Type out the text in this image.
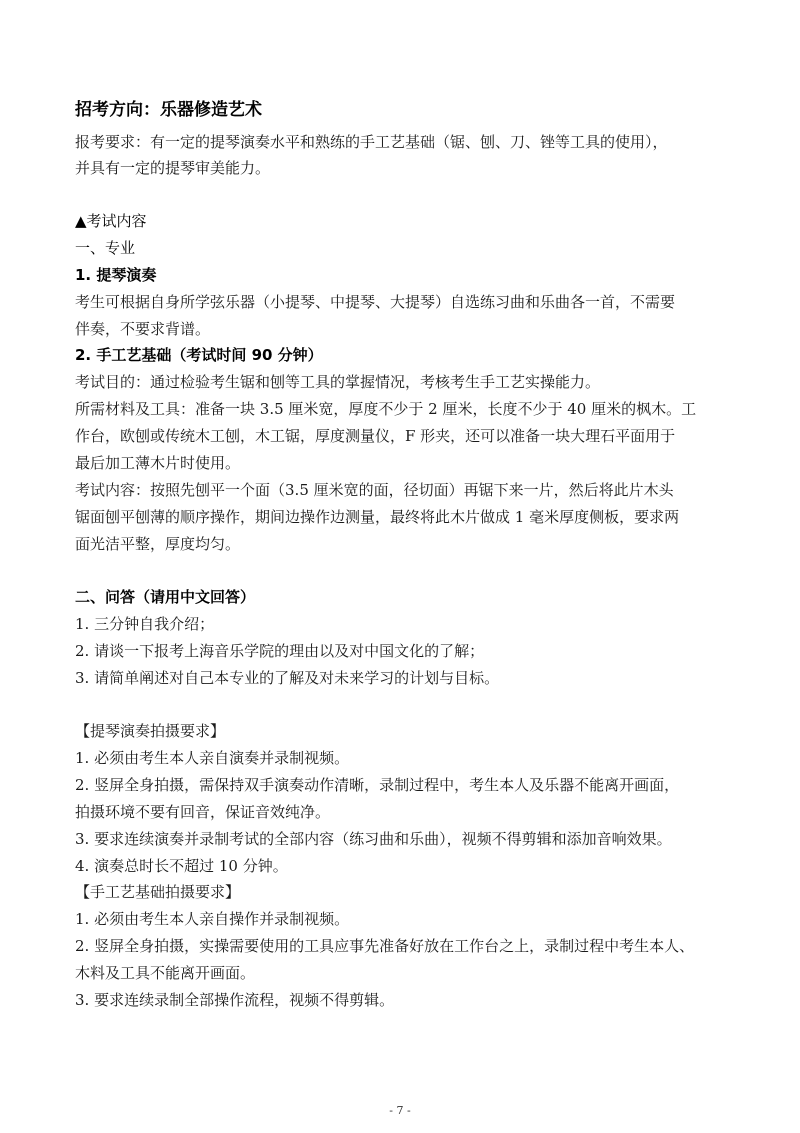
招考方向：乐器修造艺术
报考要求：有一定的提琴演奏水平和熟练的手工艺基础（锯、刨、刀、锉等工具的使用），
并具有一定的提琴审美能力。
▲考试内容
一、专业
1. 提琴演奏
考生可根据自身所学弦乐器（小提琴、中提琴、大提琴）自选练习曲和乐曲各一首，不需要
伴奏，不要求背谱。
2. 手工艺基础（考试时间 90 分钟）
考试目的：通过检验考生锯和刨等工具的掌握情况，考核考生手工艺实操能力。
所需材料及工具：准备一块 3.5 厘米宽，厚度不少于 2 厘米，长度不少于 40 厘米的枫木。工
作台，欧刨或传统木工刨，木工锯，厚度测量仪，F 形夹，还可以准备一块大理石平面用于
最后加工薄木片时使用。
考试内容：按照先刨平一个面（3.5 厘米宽的面，径切面）再锯下来一片，然后将此片木头
锯面刨平刨薄的顺序操作，期间边操作边测量，最终将此木片做成 1 毫米厚度侧板，要求两
面光洁平整，厚度均匀。
二、问答（请用中文回答）
1. 三分钟自我介绍；
2. 请谈一下报考上海音乐学院的理由以及对中国文化的了解；
3. 请简单阐述对自己本专业的了解及对未来学习的计划与目标。
【提琴演奏拍摄要求】
1. 必须由考生本人亲自演奏并录制视频。
2. 竖屏全身拍摄，需保持双手演奏动作清晰，录制过程中，考生本人及乐器不能离开画面，
拍摄环境不要有回音，保证音效纯净。
3. 要求连续演奏并录制考试的全部内容（练习曲和乐曲），视频不得剪辑和添加音响效果。
4. 演奏总时长不超过 10 分钟。
【手工艺基础拍摄要求】
1. 必须由考生本人亲自操作并录制视频。
2. 竖屏全身拍摄，实操需要使用的工具应事先准备好放在工作台之上，录制过程中考生本人、
木料及工具不能离开画面。
3. 要求连续录制全部操作流程，视频不得剪辑。
- 7 -
